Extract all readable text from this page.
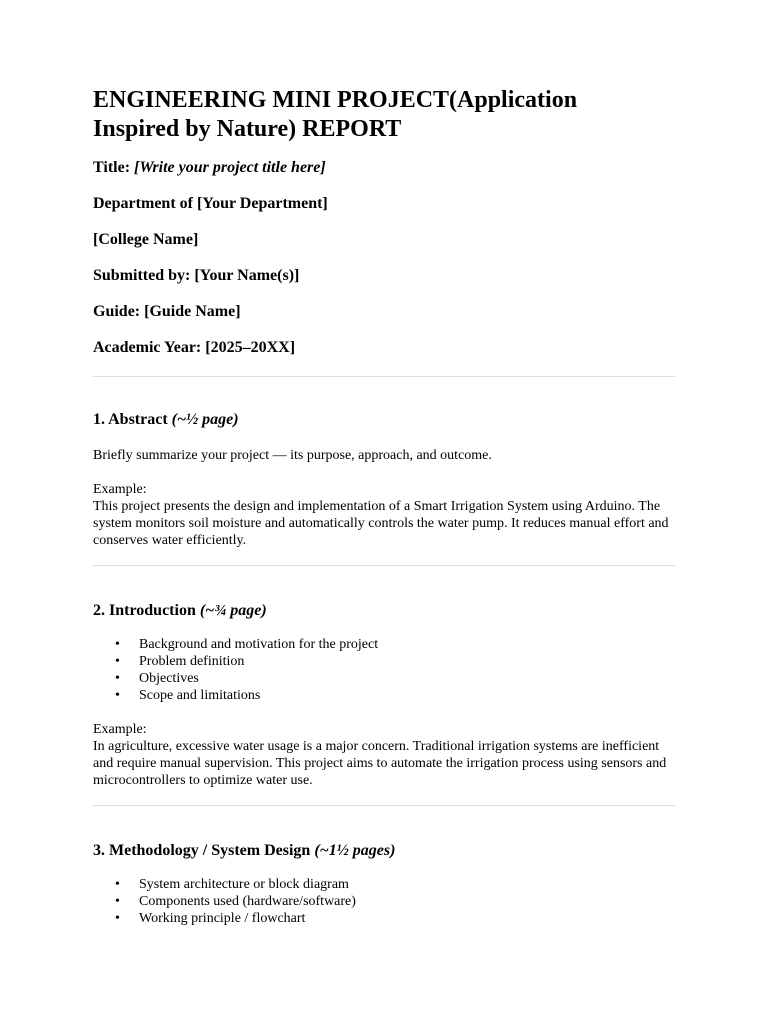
ENGINEERING MINI PROJECT(Application Inspired by Nature) REPORT
Title: [Write your project title here]
Department of [Your Department]
[College Name]
Submitted by: [Your Name(s)]
Guide: [Guide Name]
Academic Year: [2025–20XX]
1. Abstract (~½ page)

Briefly summarize your project — its purpose, approach, and outcome.

Example:

This project presents the design and implementation of a Smart Irrigation System using Arduino. The system monitors soil moisture and automatically controls the water pump. It reduces manual effort and conserves water efficiently.

2. Introduction (~¾ page)
• Background and motivation for the project
• Problem definition
• Objectives
• Scope and limitations

Example:

In agriculture, excessive water usage is a major concern. Traditional irrigation systems are inefficient and require manual supervision. This project aims to automate the irrigation process using sensors and microcontrollers to optimize water use.

3. Methodology / System Design (~1½ pages)
• System architecture or block diagram
• Components used (hardware/software)
• Working principle / flowchart
